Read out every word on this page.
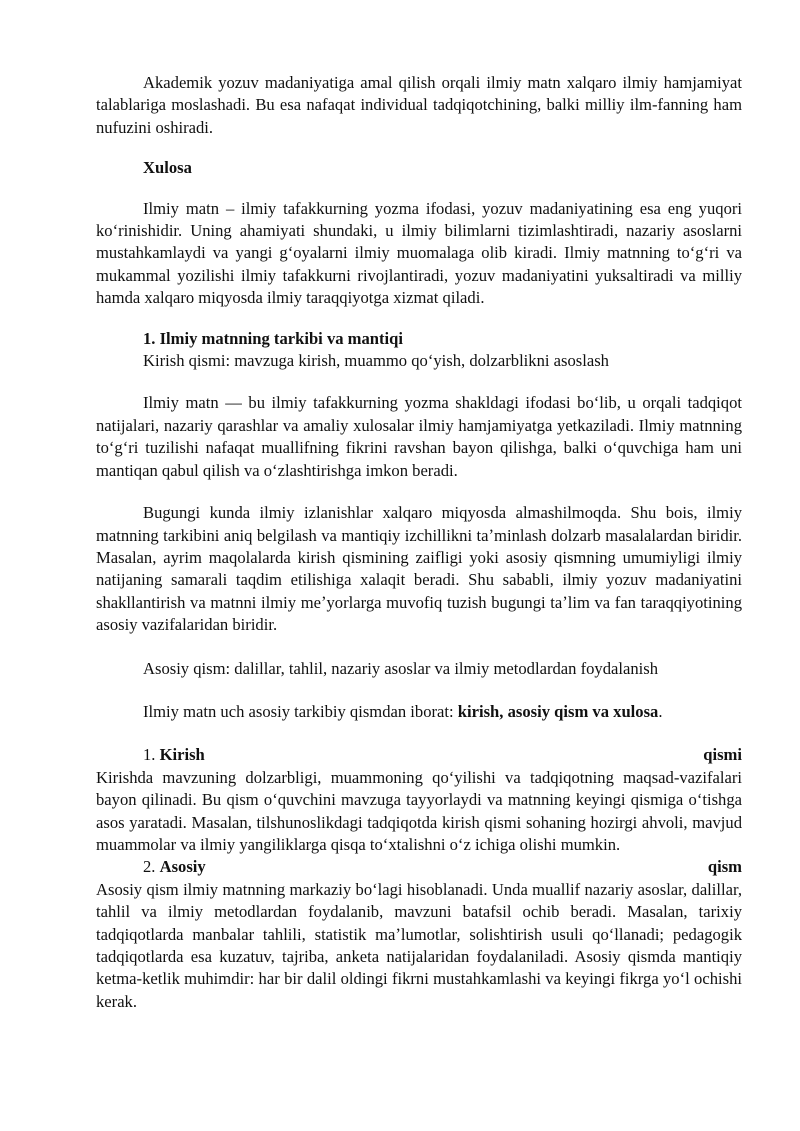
Akademik yozuv madaniyatiga amal qilish orqali ilmiy matn xalqaro ilmiy hamjamiyat talablariga moslashadi. Bu esa nafaqat individual tadqiqotchining, balki milliy ilm-fanning ham nufuzini oshiradi.

Xulosa

Ilmiy matn – ilmiy tafakkurning yozma ifodasi, yozuv madaniyatining esa eng yuqori koʻrinishidir. Uning ahamiyati shundaki, u ilmiy bilimlarni tizimlashtiradi, nazariy asoslarni mustahkamlaydi va yangi gʻoyalarni ilmiy muomalaga olib kiradi. Ilmiy matnning toʻgʻri va mukammal yozilishi ilmiy tafakkurni rivojlantiradi, yozuv madaniyatini yuksaltiradi va milliy hamda xalqaro miqyosda ilmiy taraqqiyotga xizmat qiladi.

1. Ilmiy matnning tarkibi va mantiqi

Kirish qismi: mavzuga kirish, muammo qoʻyish, dolzarblikni asoslash

Ilmiy matn — bu ilmiy tafakkurning yozma shakldagi ifodasi boʻlib, u orqali tadqiqot natijalari, nazariy qarashlar va amaliy xulosalar ilmiy hamjamiyatga yetkaziladi. Ilmiy matnning toʻgʻri tuzilishi nafaqat muallifning fikrini ravshan bayon qilishga, balki oʻquvchiga ham uni mantiqan qabul qilish va oʻzlashtirishga imkon beradi.

Bugungi kunda ilmiy izlanishlar xalqaro miqyosda almashilmoqda. Shu bois, ilmiy matnning tarkibini aniq belgilash va mantiqiy izchillikni taʼminlash dolzarb masalalardan biridir. Masalan, ayrim maqolalarda kirish qismining zaifligi yoki asosiy qismning umumiyligi ilmiy natijaning samarali taqdim etilishiga xalaqit beradi. Shu sababli, ilmiy yozuv madaniyatini shakllantirish va matnni ilmiy meʼyorlarga muvofiq tuzish bugungi taʼlim va fan taraqqiyotining asosiy vazifalaridan biridir.

Asosiy qism: dalillar, tahlil, nazariy asoslar va ilmiy metodlardan foydalanish

Ilmiy matn uch asosiy tarkibiy qismdan iborat: kirish, asosiy qism va xulosa.

1. Kirish	qismi

Kirishda mavzuning dolzarbligi, muammoning qoʻyilishi va tadqiqotning maqsad-vazifalari bayon qilinadi. Bu qism oʻquvchini mavzuga tayyorlaydi va matnning keyingi qismiga oʻtishga asos yaratadi. Masalan, tilshunoslikdagi tadqiqotda kirish qismi sohaning hozirgi ahvoli, mavjud muammolar va ilmiy yangiliklarga qisqa toʻxtalishni oʻz ichiga olishi mumkin.

2. Asosiy	qism

Asosiy qism ilmiy matnning markaziy boʻlagi hisoblanadi. Unda muallif nazariy asoslar, dalillar, tahlil va ilmiy metodlardan foydalanib, mavzuni batafsil ochib beradi. Masalan, tarixiy tadqiqotlarda manbalar tahlili, statistik maʼlumotlar, solishtirish usuli qoʻllanadi; pedagogik tadqiqotlarda esa kuzatuv, tajriba, anketa natijalaridan foydalaniladi. Asosiy qismda mantiqiy ketma-ketlik muhimdir: har bir dalil oldingi fikrni mustahkamlashi va keyingi fikrga yoʻl ochishi kerak.
